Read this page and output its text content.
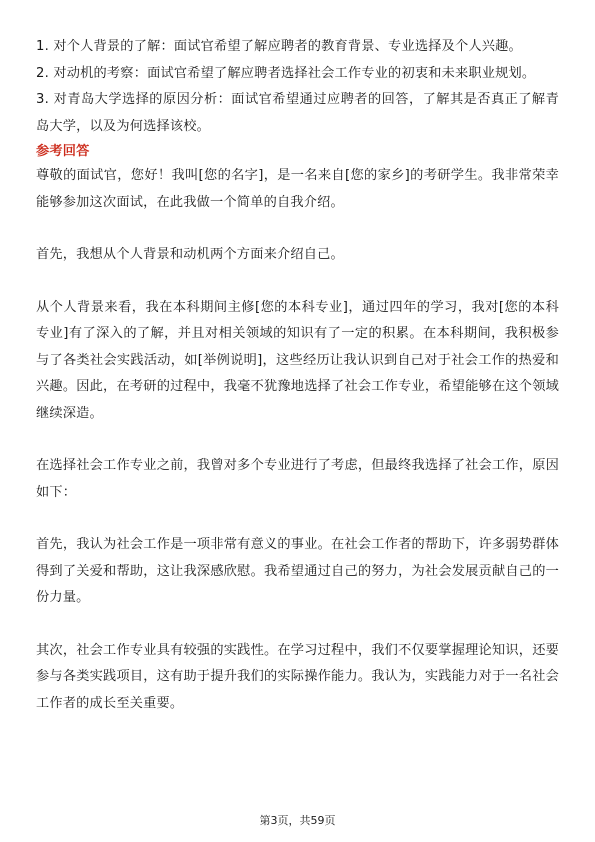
1. 对个人背景的了解：面试官希望了解应聘者的教育背景、专业选择及个人兴趣。

2. 对动机的考察：面试官希望了解应聘者选择社会工作专业的初衷和未来职业规划。

3. 对青岛大学选择的原因分析：面试官希望通过应聘者的回答，了解其是否真正了解青岛大学，以及为何选择该校。

参考回答

尊敬的面试官，您好！我叫[您的名字]，是一名来自[您的家乡]的考研学生。我非常荣幸能够参加这次面试，在此我做一个简单的自我介绍。

首先，我想从个人背景和动机两个方面来介绍自己。

从个人背景来看，我在本科期间主修[您的本科专业]，通过四年的学习，我对[您的本科专业]有了深入的了解，并且对相关领域的知识有了一定的积累。在本科期间，我积极参与了各类社会实践活动，如[举例说明]，这些经历让我认识到自己对于社会工作的热爱和兴趣。因此，在考研的过程中，我毫不犹豫地选择了社会工作专业，希望能够在这个领域继续深造。

在选择社会工作专业之前，我曾对多个专业进行了考虑，但最终我选择了社会工作，原因如下：

首先，我认为社会工作是一项非常有意义的事业。在社会工作者的帮助下，许多弱势群体得到了关爱和帮助，这让我深感欣慰。我希望通过自己的努力，为社会发展贡献自己的一份力量。

其次，社会工作专业具有较强的实践性。在学习过程中，我们不仅要掌握理论知识，还要参与各类实践项目，这有助于提升我们的实际操作能力。我认为，实践能力对于一名社会工作者的成长至关重要。

第3页，共59页
